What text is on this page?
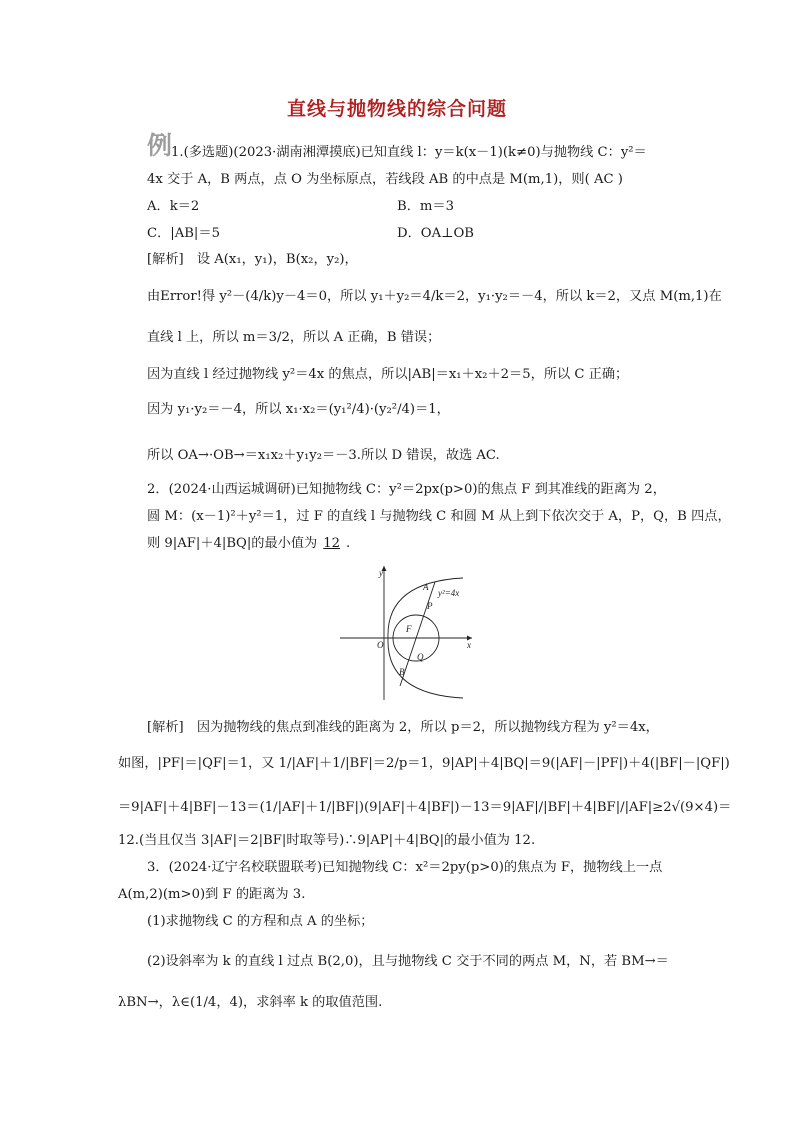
直线与抛物线的综合问题
例
1.(多选题)(2023·湖南湘潭摸底)已知直线 l：y＝k(x－1)(k≠0)与抛物线 C：y²＝
4x 交于 A，B 两点，点 O 为坐标原点，若线段 AB 的中点是 M(m,1)，则( AC )
A．k＝2	B．m＝3
C．|AB|＝5	D．OA⊥OB
[解析]　设 A(x₁，y₁)，B(x₂，y₂)，
由Error!得 y²－(4/k)y－4＝0，所以 y₁＋y₂＝4/k＝2，y₁·y₂＝－4，所以 k＝2，又点 M(m,1)在
直线 l 上，所以 m＝3/2，所以 A 正确，B 错误；
因为直线 l 经过抛物线 y²＝4x 的焦点，所以|AB|＝x₁＋x₂＋2＝5，所以 C 正确；
因为 y₁·y₂＝－4，所以 x₁·x₂＝(y₁²/4)·(y₂²/4)＝1，
所以 OA→·OB→＝x₁x₂＋y₁y₂＝－3.所以 D 错误，故选 AC.
2．(2024·山西运城调研)已知抛物线 C：y²＝2px(p>0)的焦点 F 到其准线的距离为 2，
圆 M：(x－1)²＋y²＝1，过 F 的直线 l 与抛物线 C 和圆 M 从上到下依次交于 A，P，Q，B 四点，
则 9|AF|＋4|BQ|的最小值为 12 .
y
x
O
A
P
F
Q
B
y²=4x
[解析]　因为抛物线的焦点到准线的距离为 2，所以 p＝2，所以抛物线方程为 y²＝4x，
如图，|PF|＝|QF|＝1，又 1/|AF|＋1/|BF|＝2/p＝1，9|AP|＋4|BQ|＝9(|AF|－|PF|)＋4(|BF|－|QF|)
＝9|AF|＋4|BF|－13＝(1/|AF|＋1/|BF|)(9|AF|＋4|BF|)－13＝9|AF|/|BF|＋4|BF|/|AF|≥2√(9×4)＝
12.(当且仅当 3|AF|＝2|BF|时取等号)∴9|AP|＋4|BQ|的最小值为 12.
3．(2024·辽宁名校联盟联考)已知抛物线 C：x²＝2py(p>0)的焦点为 F，抛物线上一点
A(m,2)(m>0)到 F 的距离为 3.
(1)求抛物线 C 的方程和点 A 的坐标；
(2)设斜率为 k 的直线 l 过点 B(2,0)，且与抛物线 C 交于不同的两点 M，N，若 BM→＝
λBN→，λ∈(1/4，4)，求斜率 k 的取值范围.
